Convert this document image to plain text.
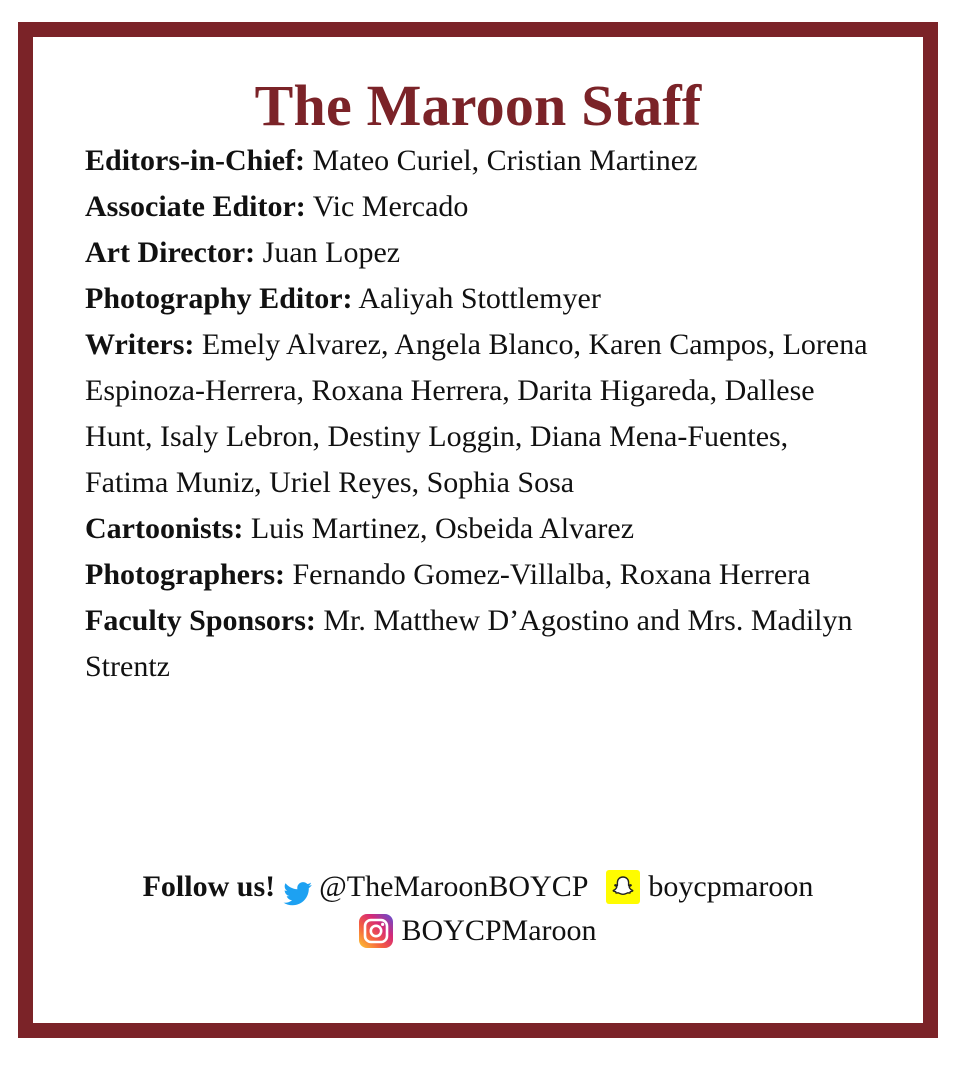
The Maroon Staff

Editors-in-Chief: Mateo Curiel, Cristian Martinez

Associate Editor: Vic Mercado

Art Director: Juan Lopez

Photography Editor: Aaliyah Stottlemyer

Writers: Emely Alvarez, Angela Blanco, Karen Campos, Lorena Espinoza-Herrera, Roxana Herrera, Darita Higareda, Dallese Hunt, Isaly Lebron, Destiny Loggin, Diana Mena-Fuentes, Fatima Muniz, Uriel Reyes, Sophia Sosa

Cartoonists: Luis Martinez, Osbeida Alvarez

Photographers: Fernando Gomez-Villalba, Roxana Herrera

Faculty Sponsors: Mr. Matthew D’Agostino and Mrs. Madilyn Strentz

Follow us! @TheMaroonBOYCP boycpmaroon
BOYCPMaroon
